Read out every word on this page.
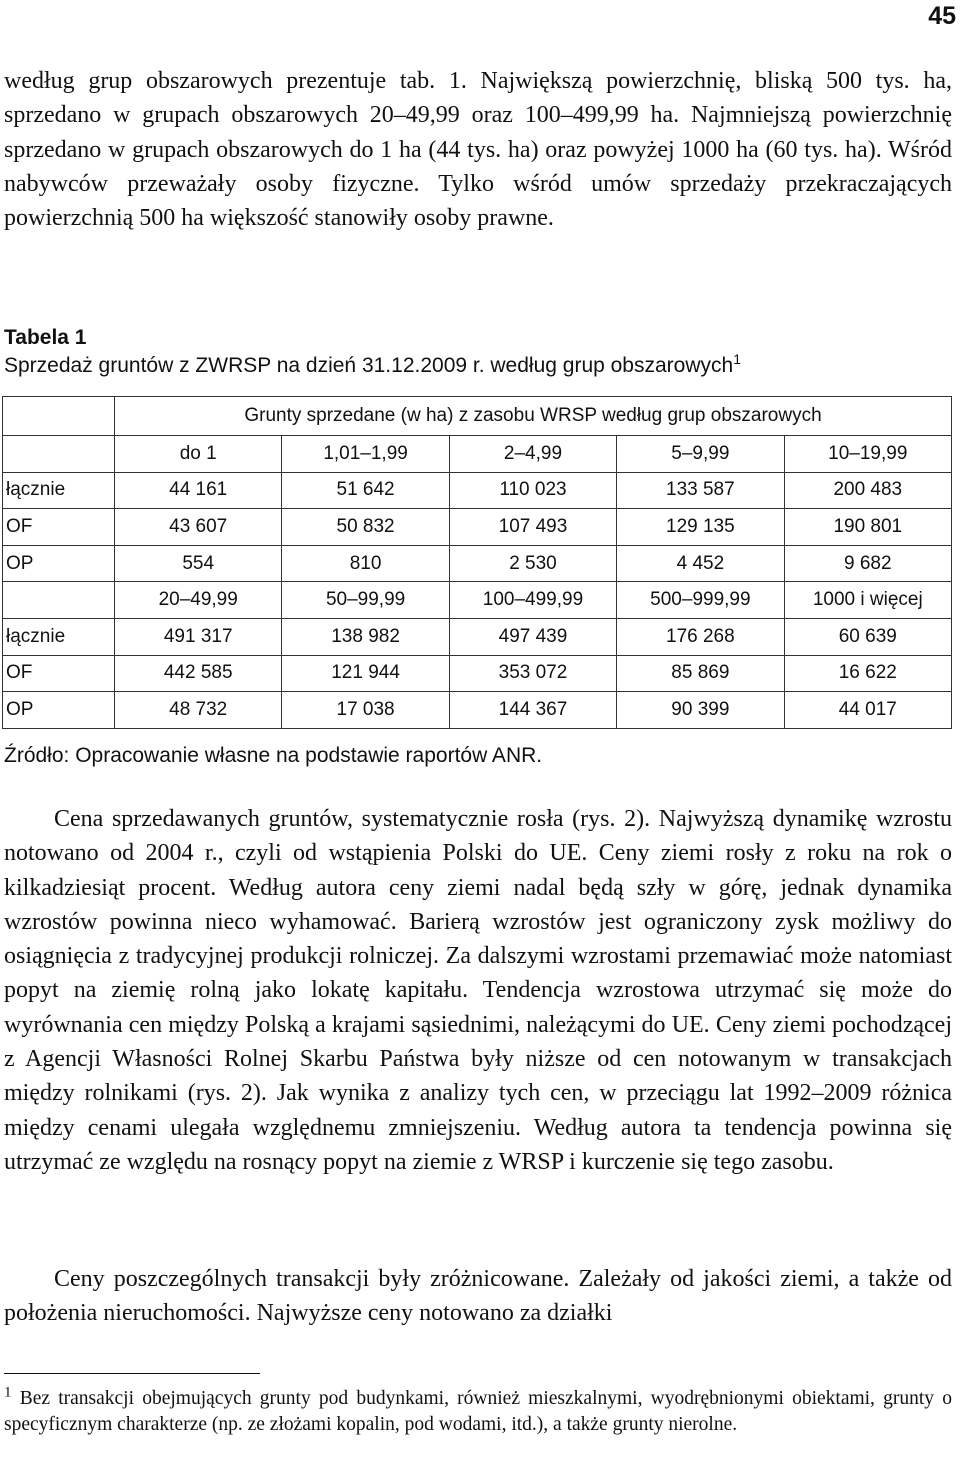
45

według grup obszarowych prezentuje tab. 1. Największą powierzchnię, bliską 500 tys. ha, sprzedano w grupach obszarowych 20–49,99 oraz 100–499,99 ha. Najmniejszą powierzchnię sprzedano w grupach obszarowych do 1 ha (44 tys. ha) oraz powyżej 1000 ha (60 tys. ha). Wśród nabywców przeważały osoby fizyczne. Tylko wśród umów sprzedaży przekraczających powierzchnią 500 ha większość stanowiły osoby prawne.

Tabela 1

Sprzedaż gruntów z ZWRSP na dzień 31.12.2009 r. według grup obszarowych$^1$

	Grunty sprzedane (w ha) z zasobu WRSP według grup obszarowych				
	do 1	1,01–1,99	2–4,99	5–9,99	10–19,99
łącznie	44 161	51 642	110 023	133 587	200 483
OF	43 607	50 832	107 493	129 135	190 801
OP	554	810	2 530	4 452	9 682
	20–49,99	50–99,99	100–499,99	500–999,99	1000 i więcej
łącznie	491 317	138 982	497 439	176 268	60 639
OF	442 585	121 944	353 072	85 869	16 622
OP	48 732	17 038	144 367	90 399	44 017

Źródło: Opracowanie własne na podstawie raportów ANR.

Cena sprzedawanych gruntów, systematycznie rosła (rys. 2). Najwyższą dynamikę wzrostu notowano od 2004 r., czyli od wstąpienia Polski do UE. Ceny ziemi rosły z roku na rok o kilkadziesiąt procent. Według autora ceny ziemi nadal będą szły w górę, jednak dynamika wzrostów powinna nieco wyhamować. Barierą wzrostów jest ograniczony zysk możliwy do osiągnięcia z tradycyjnej produkcji rolniczej. Za dalszymi wzrostami przemawiać może natomiast popyt na ziemię rolną jako lokatę kapitału. Tendencja wzrostowa utrzymać się może do wyrównania cen między Polską a krajami sąsiednimi, należącymi do UE. Ceny ziemi pochodzącej z Agencji Własności Rolnej Skarbu Państwa były niższe od cen notowanym w transakcjach między rolnikami (rys. 2). Jak wynika z analizy tych cen, w przeciągu lat 1992–2009 różnica między cenami ulegała względnemu zmniejszeniu. Według autora ta tendencja powinna się utrzymać ze względu na rosnący popyt na ziemie z WRSP i kurczenie się tego zasobu.

Ceny poszczególnych transakcji były zróżnicowane. Zależały od jakości ziemi, a także od położenia nieruchomości. Najwyższe ceny notowano za działki

$^1$ Bez transakcji obejmujących grunty pod budynkami, również mieszkalnymi, wyodrębnionymi obiektami, grunty o specyficznym charakterze (np. ze złożami kopalin, pod wodami, itd.), a także grunty nierolne.
